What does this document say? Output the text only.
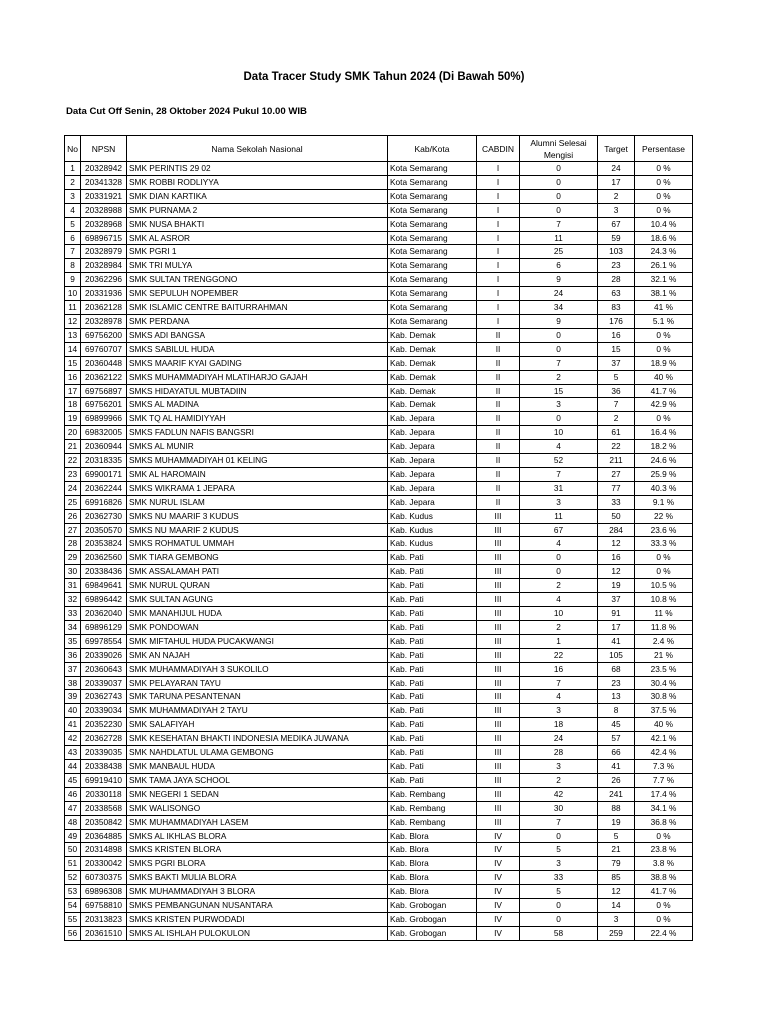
Data Tracer Study SMK Tahun 2024 (Di Bawah 50%)
Data Cut Off Senin, 28 Oktober 2024 Pukul 10.00 WIB
No	NPSN	Nama Sekolah Nasional	Kab/Kota	CABDIN	Alumni Selesai Mengisi	Target	Persentase
1	20328942	SMK PERINTIS 29 02	Kota Semarang	I	0	24	0 %
2	20341328	SMK ROBBI RODLIYYA	Kota Semarang	I	0	17	0 %
3	20331921	SMK DIAN KARTIKA	Kota Semarang	I	0	2	0 %
4	20328988	SMK PURNAMA 2	Kota Semarang	I	0	3	0 %
5	20328968	SMK NUSA BHAKTI	Kota Semarang	I	7	67	10.4 %
6	69896715	SMK AL ASROR	Kota Semarang	I	11	59	18.6 %
7	20328979	SMK PGRI 1	Kota Semarang	I	25	103	24.3 %
8	20328984	SMK TRI MULYA	Kota Semarang	I	6	23	26.1 %
9	20362296	SMK SULTAN TRENGGONO	Kota Semarang	I	9	28	32.1 %
10	20331936	SMK SEPULUH NOPEMBER	Kota Semarang	I	24	63	38.1 %
11	20362128	SMK ISLAMIC CENTRE BAITURRAHMAN	Kota Semarang	I	34	83	41 %
12	20328978	SMK PERDANA	Kota Semarang	I	9	176	5.1 %
13	69756200	SMKS ADI BANGSA	Kab. Demak	II	0	16	0 %
14	69760707	SMKS SABILUL HUDA	Kab. Demak	II	0	15	0 %
15	20360448	SMKS MAARIF KYAI GADING	Kab. Demak	II	7	37	18.9 %
16	20362122	SMKS MUHAMMADIYAH MLATIHARJO GAJAH	Kab. Demak	II	2	5	40 %
17	69756897	SMKS HIDAYATUL MUBTADIIN	Kab. Demak	II	15	36	41.7 %
18	69756201	SMKS AL MADINA	Kab. Demak	II	3	7	42.9 %
19	69899966	SMK TQ AL HAMIDIYYAH	Kab. Jepara	II	0	2	0 %
20	69832005	SMKS FADLUN NAFIS BANGSRI	Kab. Jepara	II	10	61	16.4 %
21	20360944	SMKS AL MUNIR	Kab. Jepara	II	4	22	18.2 %
22	20318335	SMKS MUHAMMADIYAH 01 KELING	Kab. Jepara	II	52	211	24.6 %
23	69900171	SMK AL HAROMAIN	Kab. Jepara	II	7	27	25.9 %
24	20362244	SMKS WIKRAMA 1 JEPARA	Kab. Jepara	II	31	77	40.3 %
25	69916826	SMK NURUL ISLAM	Kab. Jepara	II	3	33	9.1 %
26	20362730	SMKS NU MAARIF 3 KUDUS	Kab. Kudus	III	11	50	22 %
27	20350570	SMKS NU MAARIF 2 KUDUS	Kab. Kudus	III	67	284	23.6 %
28	20353824	SMKS ROHMATUL UMMAH	Kab. Kudus	III	4	12	33.3 %
29	20362560	SMK TIARA GEMBONG	Kab. Pati	III	0	16	0 %
30	20338436	SMK ASSALAMAH PATI	Kab. Pati	III	0	12	0 %
31	69849641	SMK NURUL QURAN	Kab. Pati	III	2	19	10.5 %
32	69896442	SMK SULTAN AGUNG	Kab. Pati	III	4	37	10.8 %
33	20362040	SMK MANAHIJUL HUDA	Kab. Pati	III	10	91	11 %
34	69896129	SMK PONDOWAN	Kab. Pati	III	2	17	11.8 %
35	69978554	SMK MIFTAHUL HUDA PUCAKWANGI	Kab. Pati	III	1	41	2.4 %
36	20339026	SMK AN NAJAH	Kab. Pati	III	22	105	21 %
37	20360643	SMK MUHAMMADIYAH 3 SUKOLILO	Kab. Pati	III	16	68	23.5 %
38	20339037	SMK PELAYARAN TAYU	Kab. Pati	III	7	23	30.4 %
39	20362743	SMK TARUNA PESANTENAN	Kab. Pati	III	4	13	30.8 %
40	20339034	SMK MUHAMMADIYAH 2 TAYU	Kab. Pati	III	3	8	37.5 %
41	20352230	SMK SALAFIYAH	Kab. Pati	III	18	45	40 %
42	20362728	SMK KESEHATAN BHAKTI INDONESIA MEDIKA JUWANA	Kab. Pati	III	24	57	42.1 %
43	20339035	SMK NAHDLATUL ULAMA GEMBONG	Kab. Pati	III	28	66	42.4 %
44	20338438	SMK MANBAUL HUDA	Kab. Pati	III	3	41	7.3 %
45	69919410	SMK TAMA JAYA SCHOOL	Kab. Pati	III	2	26	7.7 %
46	20330118	SMK NEGERI 1 SEDAN	Kab. Rembang	III	42	241	17.4 %
47	20338568	SMK WALISONGO	Kab. Rembang	III	30	88	34.1 %
48	20350842	SMK MUHAMMADIYAH LASEM	Kab. Rembang	III	7	19	36.8 %
49	20364885	SMKS AL IKHLAS BLORA	Kab. Blora	IV	0	5	0 %
50	20314898	SMKS KRISTEN BLORA	Kab. Blora	IV	5	21	23.8 %
51	20330042	SMKS PGRI BLORA	Kab. Blora	IV	3	79	3.8 %
52	60730375	SMKS BAKTI MULIA BLORA	Kab. Blora	IV	33	85	38.8 %
53	69896308	SMK MUHAMMADIYAH 3 BLORA	Kab. Blora	IV	5	12	41.7 %
54	69758810	SMKS PEMBANGUNAN NUSANTARA	Kab. Grobogan	IV	0	14	0 %
55	20313823	SMKS KRISTEN PURWODADI	Kab. Grobogan	IV	0	3	0 %
56	20361510	SMKS AL ISHLAH PULOKULON	Kab. Grobogan	IV	58	259	22.4 %
